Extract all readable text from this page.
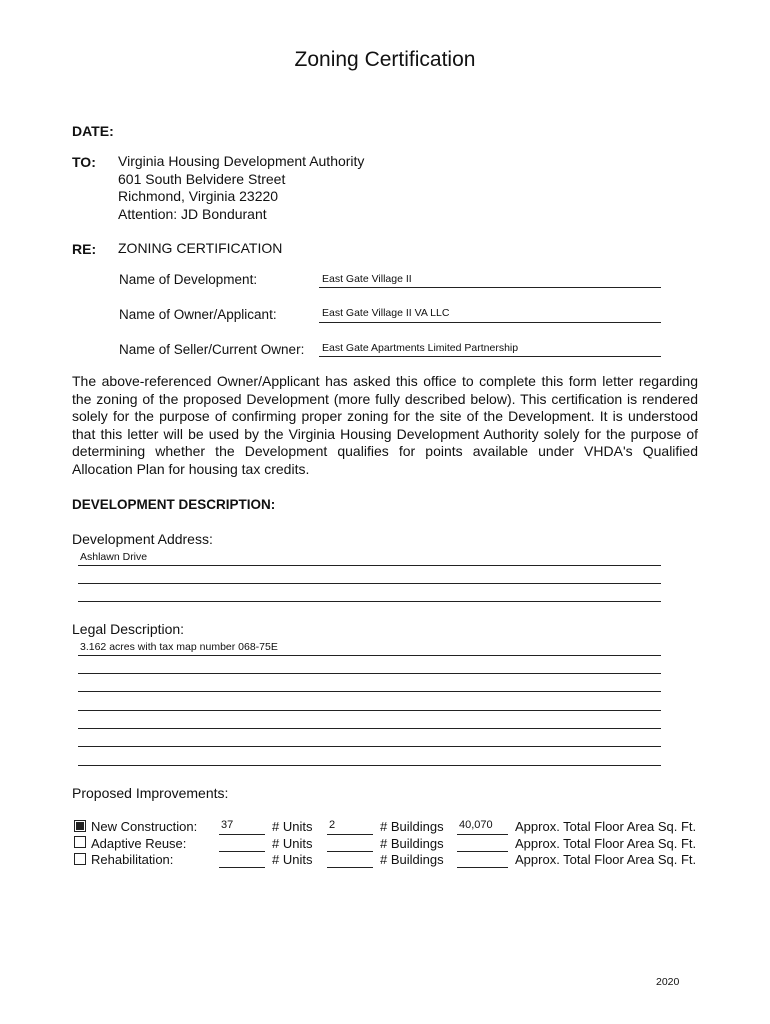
Zoning Certification
DATE:
TO: Virginia Housing Development Authority
601 South Belvidere Street
Richmond, Virginia 23220
Attention: JD Bondurant
RE: ZONING CERTIFICATION
Name of Development:	East Gate Village II
Name of Owner/Applicant:	East Gate Village II VA LLC
Name of Seller/Current Owner: East Gate Apartments Limited Partnership
The above-referenced Owner/Applicant has asked this office to complete this form letter regarding the zoning of the proposed Development (more fully described below). This certification is rendered solely for the purpose of confirming proper zoning for the site of the Development. It is understood that this letter will be used by the Virginia Housing Development Authority solely for the purpose of determining whether the Development qualifies for points available under VHDA's Qualified Allocation Plan for housing tax credits.
DEVELOPMENT DESCRIPTION:
Development Address:
Ashlawn Drive
Legal Description:
3.162 acres with tax map number 068-75E
Proposed Improvements:
New Construction: 37	# Units 2	# Buildings 40,070 Approx. Total Floor Area Sq. Ft.
Adaptive Reuse:	# Units	# Buildings	Approx. Total Floor Area Sq. Ft.
Rehabilitation:	# Units	# Buildings	Approx. Total Floor Area Sq. Ft.
2020
